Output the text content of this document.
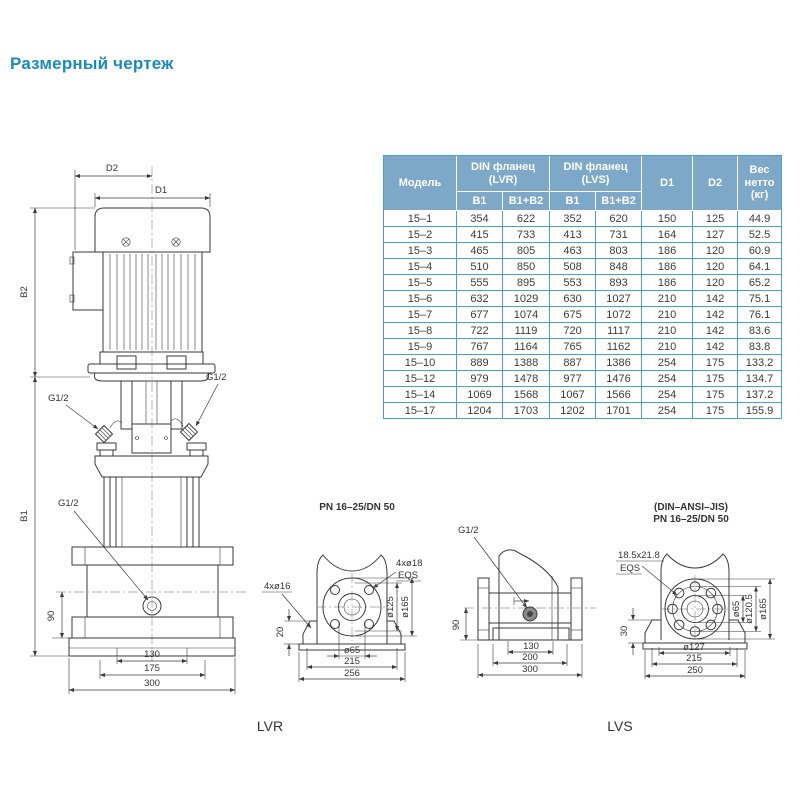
Размерный чертеж
D2
D1
G1/2
G1/2
G1/2
B2
B1
90
130
175
300
PN 16–25/DN 50
4xø18
EQS
4xø16
20
ø125 ø165
ø65
215
256
G1/2
90
130
200
300
(DIN–ANSI–JIS)
PN 16–25/DN 50
18.5x21.8
EQS
ø65 ø120.5 ø165
30
ø127
215
250
Модель	DIN фланец (LVR)		DIN фланец (LVS)		D1	D2	Вес нетто (кг)
	B1	B1+B2	B1	B1+B2			
15–1	354	622	352	620	150	125	44.9
15–2	415	733	413	731	164	127	52.5
15–3	465	805	463	803	186	120	60.9
15–4	510	850	508	848	186	120	64.1
15–5	555	895	553	893	186	120	65.2
15–6	632	1029	630	1027	210	142	75.1
15–7	677	1074	675	1072	210	142	76.1
15–8	722	1119	720	1117	210	142	83.6
15–9	767	1164	765	1162	210	142	83.8
15–10	889	1388	887	1386	254	175	133.2
15–12	979	1478	977	1476	254	175	134.7
15–14	1069	1568	1067	1566	254	175	137.2
15–17	1204	1703	1202	1701	254	175	155.9
LVR	LVS
